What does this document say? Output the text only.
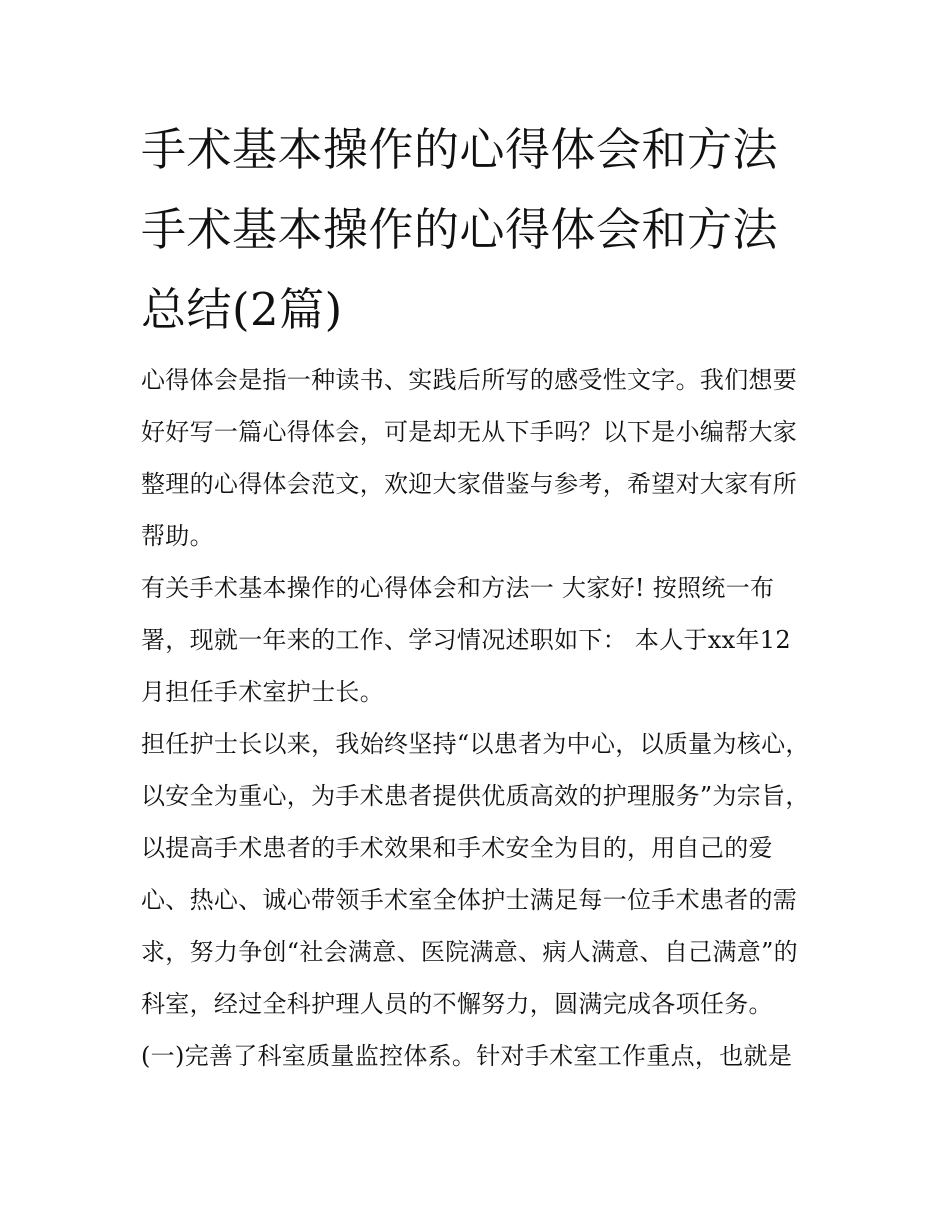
手术基本操作的心得体会和方法 手术基本操作的心得体会和方法总结(2篇)

心得体会是指一种读书、实践后所写的感受性文字。我们想要好好写一篇心得体会，可是却无从下手吗？以下是小编帮大家整理的心得体会范文，欢迎大家借鉴与参考，希望对大家有所帮助。

有关手术基本操作的心得体会和方法一 大家好! 按照统一布署，现就一年来的工作、学习情况述职如下： 本人于xx年12月担任手术室护士长。

担任护士长以来，我始终坚持“以患者为中心，以质量为核心，以安全为重心，为手术患者提供优质高效的护理服务”为宗旨，以提高手术患者的手术效果和手术安全为目的，用自己的爱心、热心、诚心带领手术室全体护士满足每一位手术患者的需求，努力争创“社会满意、医院满意、病人满意、自己满意”的科室，经过全科护理人员的不懈努力，圆满完成各项任务。

(一)完善了科室质量监控体系。针对手术室工作重点，也就是
